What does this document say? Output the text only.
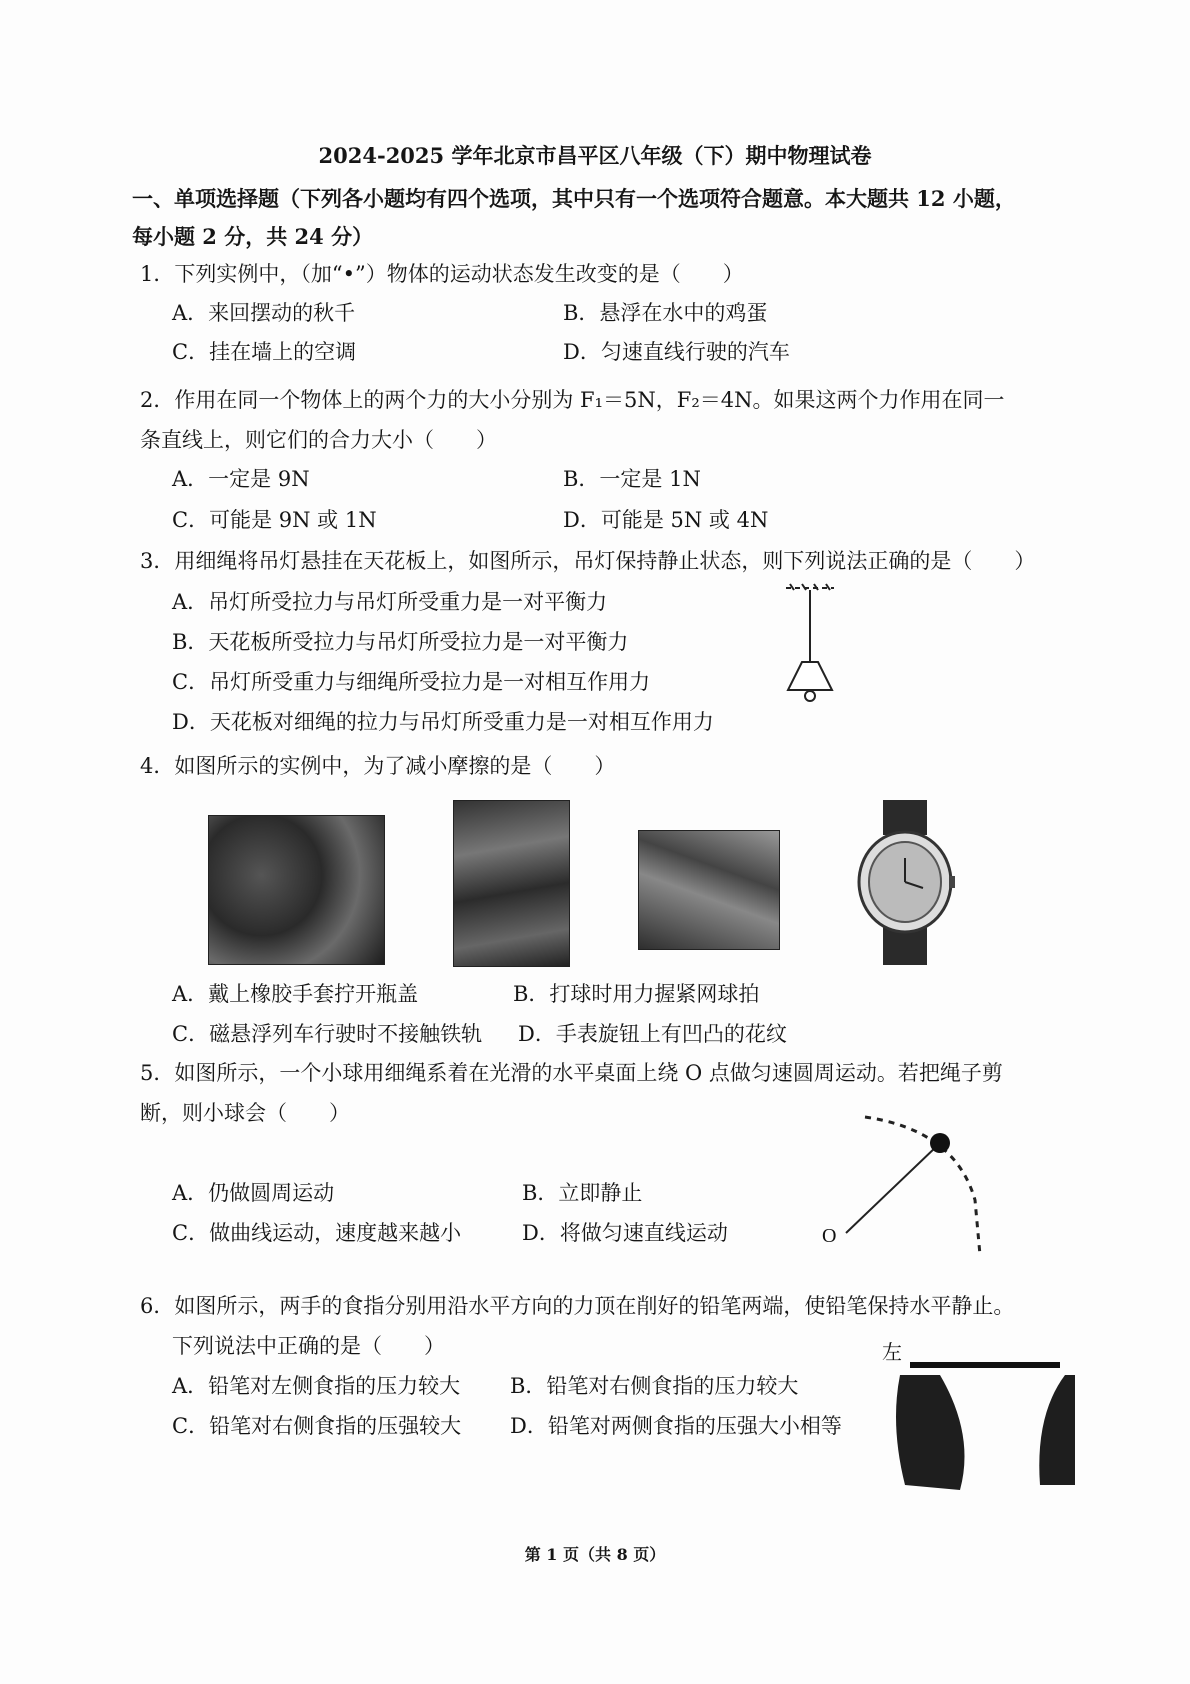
2024-2025 学年北京市昌平区八年级（下）期中物理试卷
一、单项选择题（下列各小题均有四个选项，其中只有一个选项符合题意。本大题共 12 小题，
每小题 2 分，共 24 分）
1．下列实例中，（加“•”）物体的运动状态发生改变的是（　　）
A．来回摆动的秋千	B．悬浮在水中的鸡蛋
C．挂在墙上的空调	D．匀速直线行驶的汽车
2．作用在同一个物体上的两个力的大小分别为 F₁＝5N，F₂＝4N。如果这两个力作用在同一
条直线上，则它们的合力大小（　　）
A．一定是 9N	B．一定是 1N
C．可能是 9N 或 1N	D．可能是 5N 或 4N
3．用细绳将吊灯悬挂在天花板上，如图所示，吊灯保持静止状态，则下列说法正确的是（　　）
A．吊灯所受拉力与吊灯所受重力是一对平衡力
B．天花板所受拉力与吊灯所受拉力是一对平衡力
C．吊灯所受重力与细绳所受拉力是一对相互作用力
D．天花板对细绳的拉力与吊灯所受重力是一对相互作用力
4．如图所示的实例中，为了减小摩擦的是（　　）
A．戴上橡胶手套拧开瓶盖	B．打球时用力握紧网球拍
C．磁悬浮列车行驶时不接触铁轨 D．手表旋钮上有凹凸的花纹
5．如图所示，一个小球用细绳系着在光滑的水平桌面上绕 O 点做匀速圆周运动。若把绳子剪
断，则小球会（　　）
A．仍做圆周运动	B．立即静止
C．做曲线运动，速度越来越小	D．将做匀速直线运动	O
6．如图所示，两手的食指分别用沿水平方向的力顶在削好的铅笔两端，使铅笔保持水平静止。
下列说法中正确的是（　　）
A．铅笔对左侧食指的压力较大 B．铅笔对右侧食指的压力较大
C．铅笔对右侧食指的压强较大 D．铅笔对两侧食指的压强大小相等
左
第 1 页（共 8 页）
